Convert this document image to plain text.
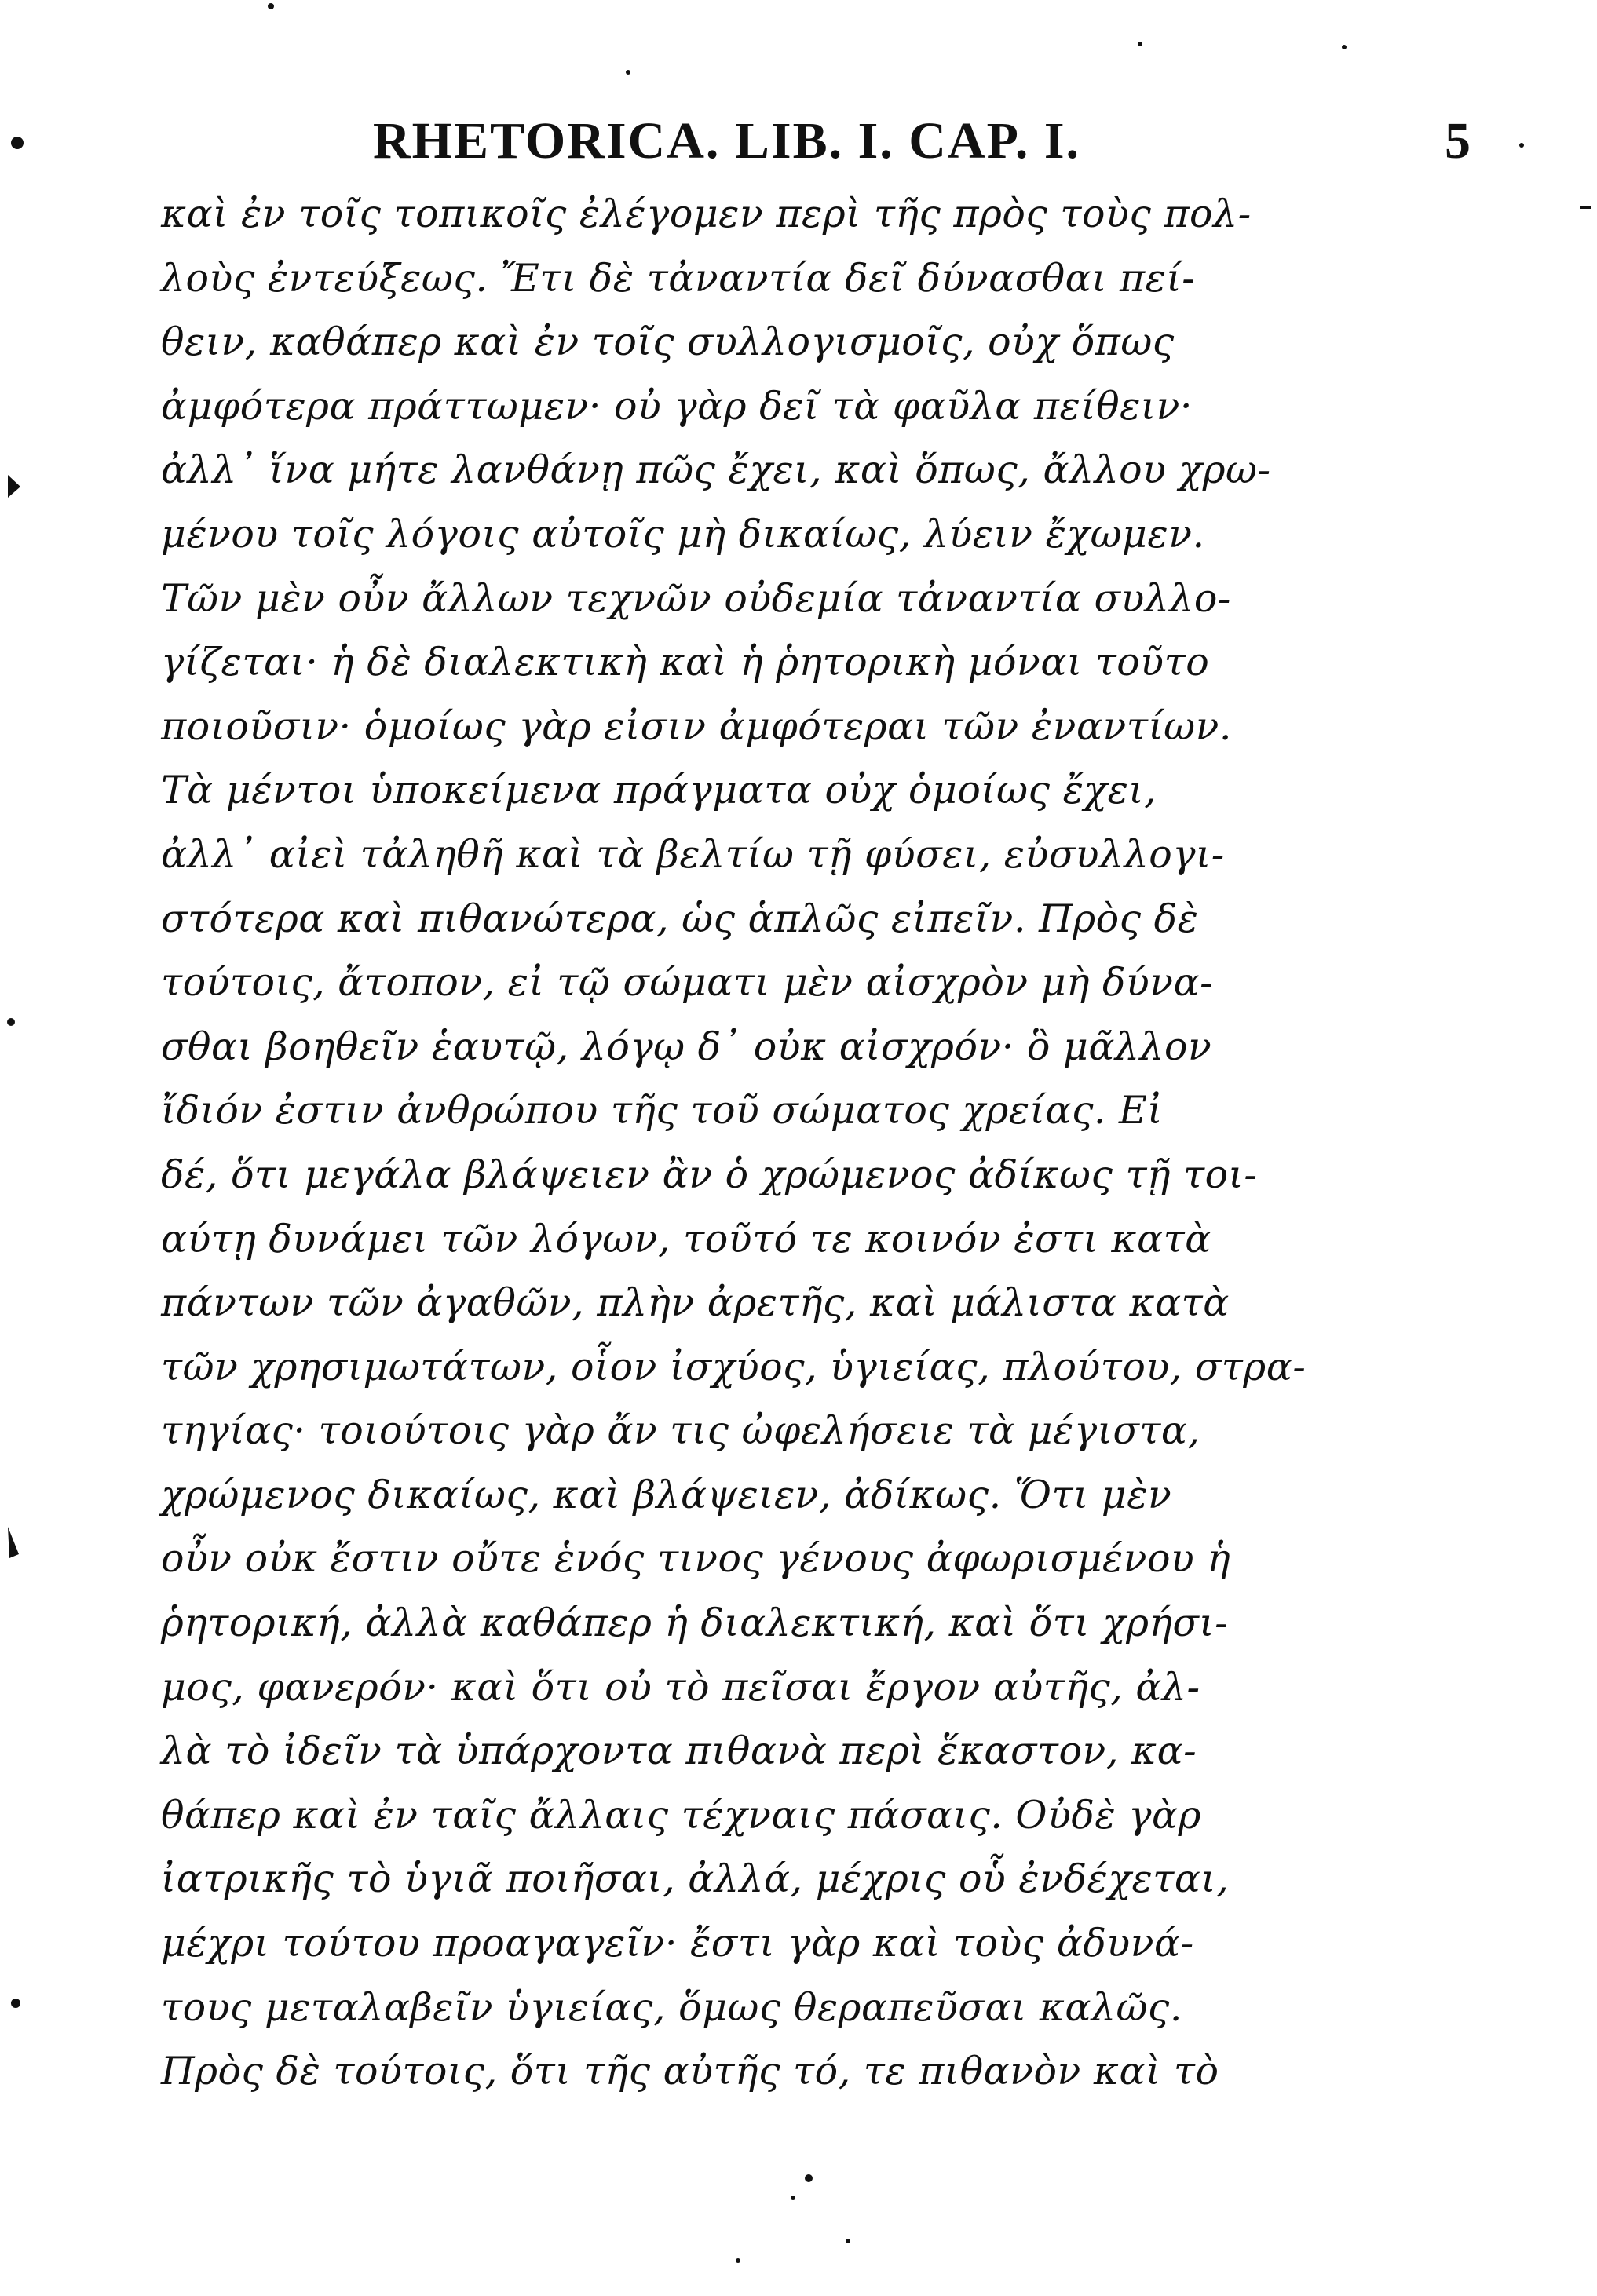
RHETORICA. LIB. I. CAP. I.	5
καὶ ἐν τοῖς τοπικοῖς ἐλέγομεν περὶ τῆς πρὸς τοὺς πολ-
λοὺς ἐντεύξεως. Ἔτι δὲ τἀναντία δεῖ δύνασθαι πεί-
θειν, καθάπερ καὶ ἐν τοῖς συλλογισμοῖς, οὐχ ὅπως
ἀμφότερα πράττωμεν· οὐ γὰρ δεῖ τὰ φαῦλα πείθειν·
ἀλλ᾽ ἵνα μήτε λανθάνῃ πῶς ἔχει, καὶ ὅπως, ἄλλου χρω-
μένου τοῖς λόγοις αὐτοῖς μὴ δικαίως, λύειν ἔχωμεν.
Τῶν μὲν οὖν ἄλλων τεχνῶν οὐδεμία τἀναντία συλλο-
γίζεται· ἡ δὲ διαλεκτικὴ καὶ ἡ ῥητορικὴ μόναι τοῦτο
ποιοῦσιν· ὁμοίως γὰρ εἰσιν ἀμφότεραι τῶν ἐναντίων.
Τὰ μέντοι ὑποκείμενα πράγματα οὐχ ὁμοίως ἔχει,
ἀλλ᾽ αἰεὶ τἀληθῆ καὶ τὰ βελτίω τῇ φύσει, εὐσυλλογι-
στότερα καὶ πιθανώτερα, ὡς ἁπλῶς εἰπεῖν. Πρὸς δὲ
τούτοις, ἄτοπον, εἰ τῷ σώματι μὲν αἰσχρὸν μὴ δύνα-
σθαι βοηθεῖν ἑαυτῷ, λόγῳ δ᾽ οὐκ αἰσχρόν· ὃ μᾶλλον
ἴδιόν ἐστιν ἀνθρώπου τῆς τοῦ σώματος χρείας. Εἰ
δέ, ὅτι μεγάλα βλάψειεν ἂν ὁ χρώμενος ἀδίκως τῇ τοι-
αύτῃ δυνάμει τῶν λόγων, τοῦτό τε κοινόν ἐστι κατὰ
πάντων τῶν ἀγαθῶν, πλὴν ἀρετῆς, καὶ μάλιστα κατὰ
τῶν χρησιμωτάτων, οἷον ἰσχύος, ὑγιείας, πλούτου, στρα-
τηγίας· τοιούτοις γὰρ ἄν τις ὠφελήσειε τὰ μέγιστα,
χρώμενος δικαίως, καὶ βλάψειεν, ἀδίκως. Ὅτι μὲν
οὖν οὐκ ἔστιν οὔτε ἑνός τινος γένους ἀφωρισμένου ἡ
ῥητορική, ἀλλὰ καθάπερ ἡ διαλεκτική, καὶ ὅτι χρήσι-
μος, φανερόν· καὶ ὅτι οὐ τὸ πεῖσαι ἔργον αὐτῆς, ἀλ-
λὰ τὸ ἰδεῖν τὰ ὑπάρχοντα πιθανὰ περὶ ἕκαστον, κα-
θάπερ καὶ ἐν ταῖς ἄλλαις τέχναις πάσαις. Οὐδὲ γὰρ
ἰατρικῆς τὸ ὑγιᾶ ποιῆσαι, ἀλλά, μέχρις οὗ ἐνδέχεται,
μέχρι τούτου προαγαγεῖν· ἔστι γὰρ καὶ τοὺς ἀδυνά-
τους μεταλαβεῖν ὑγιείας, ὅμως θεραπεῦσαι καλῶς.
Πρὸς δὲ τούτοις, ὅτι τῆς αὐτῆς τό, τε πιθανὸν καὶ τὸ
